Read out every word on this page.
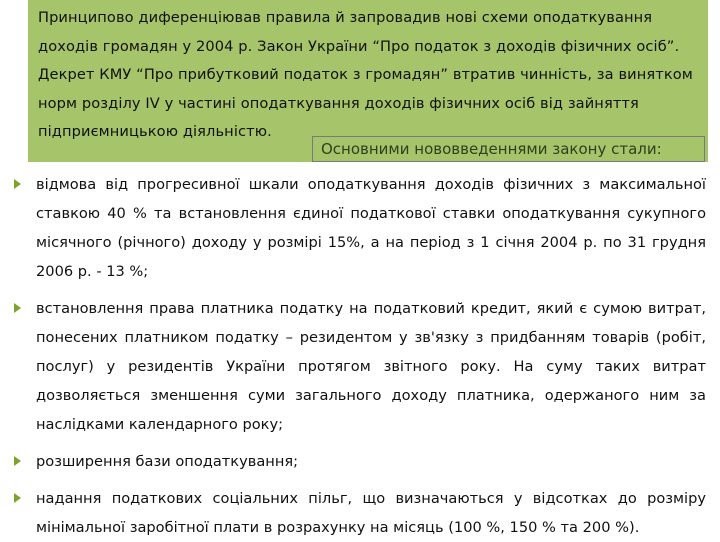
Принципово диференціював правила й запровадив нові схеми оподаткування доходів громадян у 2004 р. Закон України “Про податок з доходів фізичних осіб”. Декрет КМУ “Про прибутковий податок з громадян” втратив чинність, за винятком норм розділу IV у частині оподаткування доходів фізичних осіб від зайняття підприємницькою діяльністю.

Основними нововведеннями закону стали:
відмова від прогресивної шкали оподаткування доходів фізичних з максимальної ставкою 40 % та встановлення єдиної податкової ставки оподаткування сукупного місячного (річного) доходу у розмірі 15%, а на період з 1 січня 2004 р. по 31 грудня 2006 р. - 13 %;
встановлення права платника податку на податковий кредит, який є сумою витрат, понесених платником податку – резидентом у зв'язку з придбанням товарів (робіт, послуг) у резидентів України протягом звітного року. На суму таких витрат дозволяється зменшення суми загального доходу платника, одержаного ним за наслідками календарного року;
розширення бази оподаткування;
надання податкових соціальних пільг, що визначаються у відсотках до розміру мінімальної заробітної плати в розрахунку на місяць (100 %, 150 % та 200 %).
